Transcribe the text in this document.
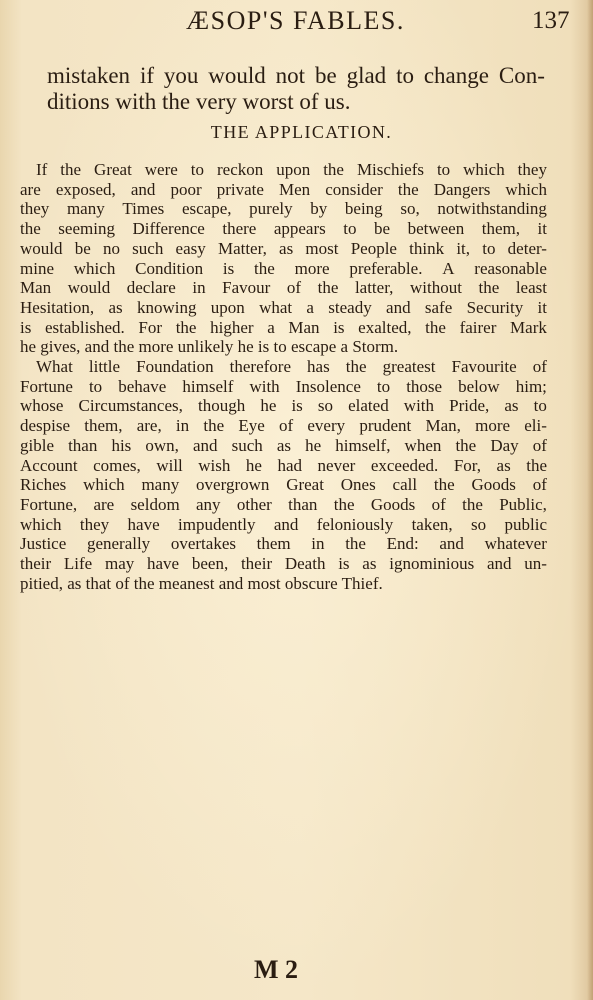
ÆSOP'S FABLES.	137
mistaken if you would not be glad to change Con-
ditions with the very worst of us.
THE APPLICATION.
If the Great were to reckon upon the Mischiefs to which they
are exposed, and poor private Men consider the Dangers which
they many Times escape, purely by being so, notwithstanding
the seeming Difference there appears to be between them, it
would be no such easy Matter, as most People think it, to deter-
mine which Condition is the more preferable. A reasonable
Man would declare in Favour of the latter, without the least
Hesitation, as knowing upon what a steady and safe Security it
is established. For the higher a Man is exalted, the fairer Mark
he gives, and the more unlikely he is to escape a Storm.
What little Foundation therefore has the greatest Favourite of
Fortune to behave himself with Insolence to those below him;
whose Circumstances, though he is so elated with Pride, as to
despise them, are, in the Eye of every prudent Man, more eli-
gible than his own, and such as he himself, when the Day of
Account comes, will wish he had never exceeded. For, as the
Riches which many overgrown Great Ones call the Goods of
Fortune, are seldom any other than the Goods of the Public,
which they have impudently and feloniously taken, so public
Justice generally overtakes them in the End: and whatever
their Life may have been, their Death is as ignominious and un-
pitied, as that of the meanest and most obscure Thief.
M 2
